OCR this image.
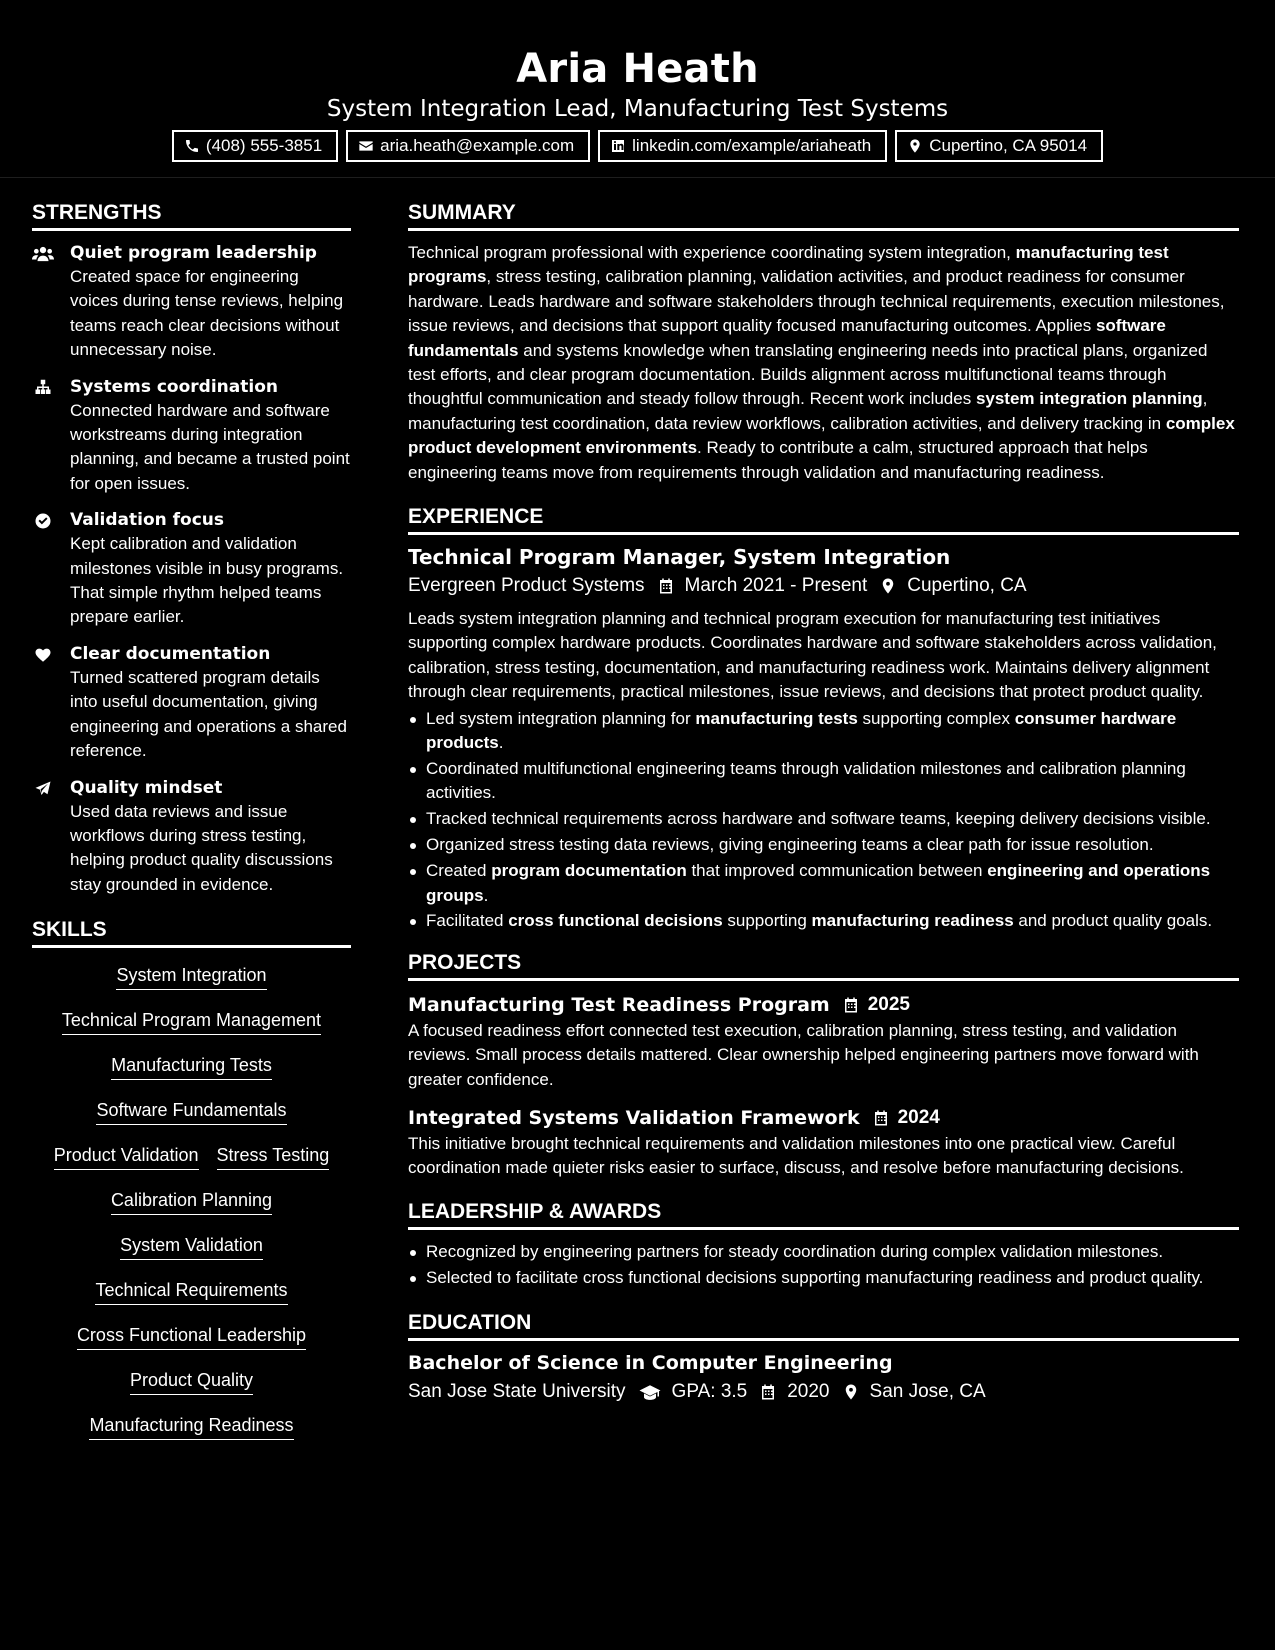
Aria Heath
System Integration Lead, Manufacturing Test Systems
(408) 555-3851	aria.heath@example.com	linkedin.com/example/ariaheath	Cupertino, CA 95014
STRENGTHS
Quiet program leadership
Created space for engineering voices during tense reviews, helping teams reach clear decisions without unnecessary noise.
Systems coordination
Connected hardware and software workstreams during integration planning, and became a trusted point for open issues.
Validation focus
Kept calibration and validation milestones visible in busy programs. That simple rhythm helped teams prepare earlier.
Clear documentation
Turned scattered program details into useful documentation, giving engineering and operations a shared reference.
Quality mindset
Used data reviews and issue workflows during stress testing, helping product quality discussions stay grounded in evidence.
SKILLS
System Integration
Technical Program Management
Manufacturing Tests
Software Fundamentals
Product Validation Stress Testing
Calibration Planning
System Validation
Technical Requirements
Cross Functional Leadership
Product Quality
Manufacturing Readiness
SUMMARY

Technical program professional with experience coordinating system integration, manufacturing test programs, stress testing, calibration planning, validation activities, and product readiness for consumer hardware. Leads hardware and software stakeholders through technical requirements, execution milestones, issue reviews, and decisions that support quality focused manufacturing outcomes. Applies software fundamentals and systems knowledge when translating engineering needs into practical plans, organized test efforts, and clear program documentation. Builds alignment across multifunctional teams through thoughtful communication and steady follow through. Recent work includes system integration planning, manufacturing test coordination, data review workflows, calibration activities, and delivery tracking in complex product development environments. Ready to contribute a calm, structured approach that helps engineering teams move from requirements through validation and manufacturing readiness.

EXPERIENCE
Technical Program Manager, System Integration
Evergreen Product Systems March 2021 - Present Cupertino, CA

Leads system integration planning and technical program execution for manufacturing test initiatives supporting complex hardware products. Coordinates hardware and software stakeholders across validation, calibration, stress testing, documentation, and manufacturing readiness work. Maintains delivery alignment through clear requirements, practical milestones, issue reviews, and decisions that protect product quality.

Led system integration planning for manufacturing tests supporting complex consumer hardware products.
Coordinated multifunctional engineering teams through validation milestones and calibration planning activities.
Tracked technical requirements across hardware and software teams, keeping delivery decisions visible.
Organized stress testing data reviews, giving engineering teams a clear path for issue resolution.
Created program documentation that improved communication between engineering and operations groups.
Facilitated cross functional decisions supporting manufacturing readiness and product quality goals.
PROJECTS
Manufacturing Test Readiness Program 2025

A focused readiness effort connected test execution, calibration planning, stress testing, and validation reviews. Small process details mattered. Clear ownership helped engineering partners move forward with greater confidence.

Integrated Systems Validation Framework 2024

This initiative brought technical requirements and validation milestones into one practical view. Careful coordination made quieter risks easier to surface, discuss, and resolve before manufacturing decisions.

LEADERSHIP & AWARDS
Recognized by engineering partners for steady coordination during complex validation milestones.
Selected to facilitate cross functional decisions supporting manufacturing readiness and product quality.
EDUCATION
Bachelor of Science in Computer Engineering
San Jose State University GPA: 3.5 2020 San Jose, CA
